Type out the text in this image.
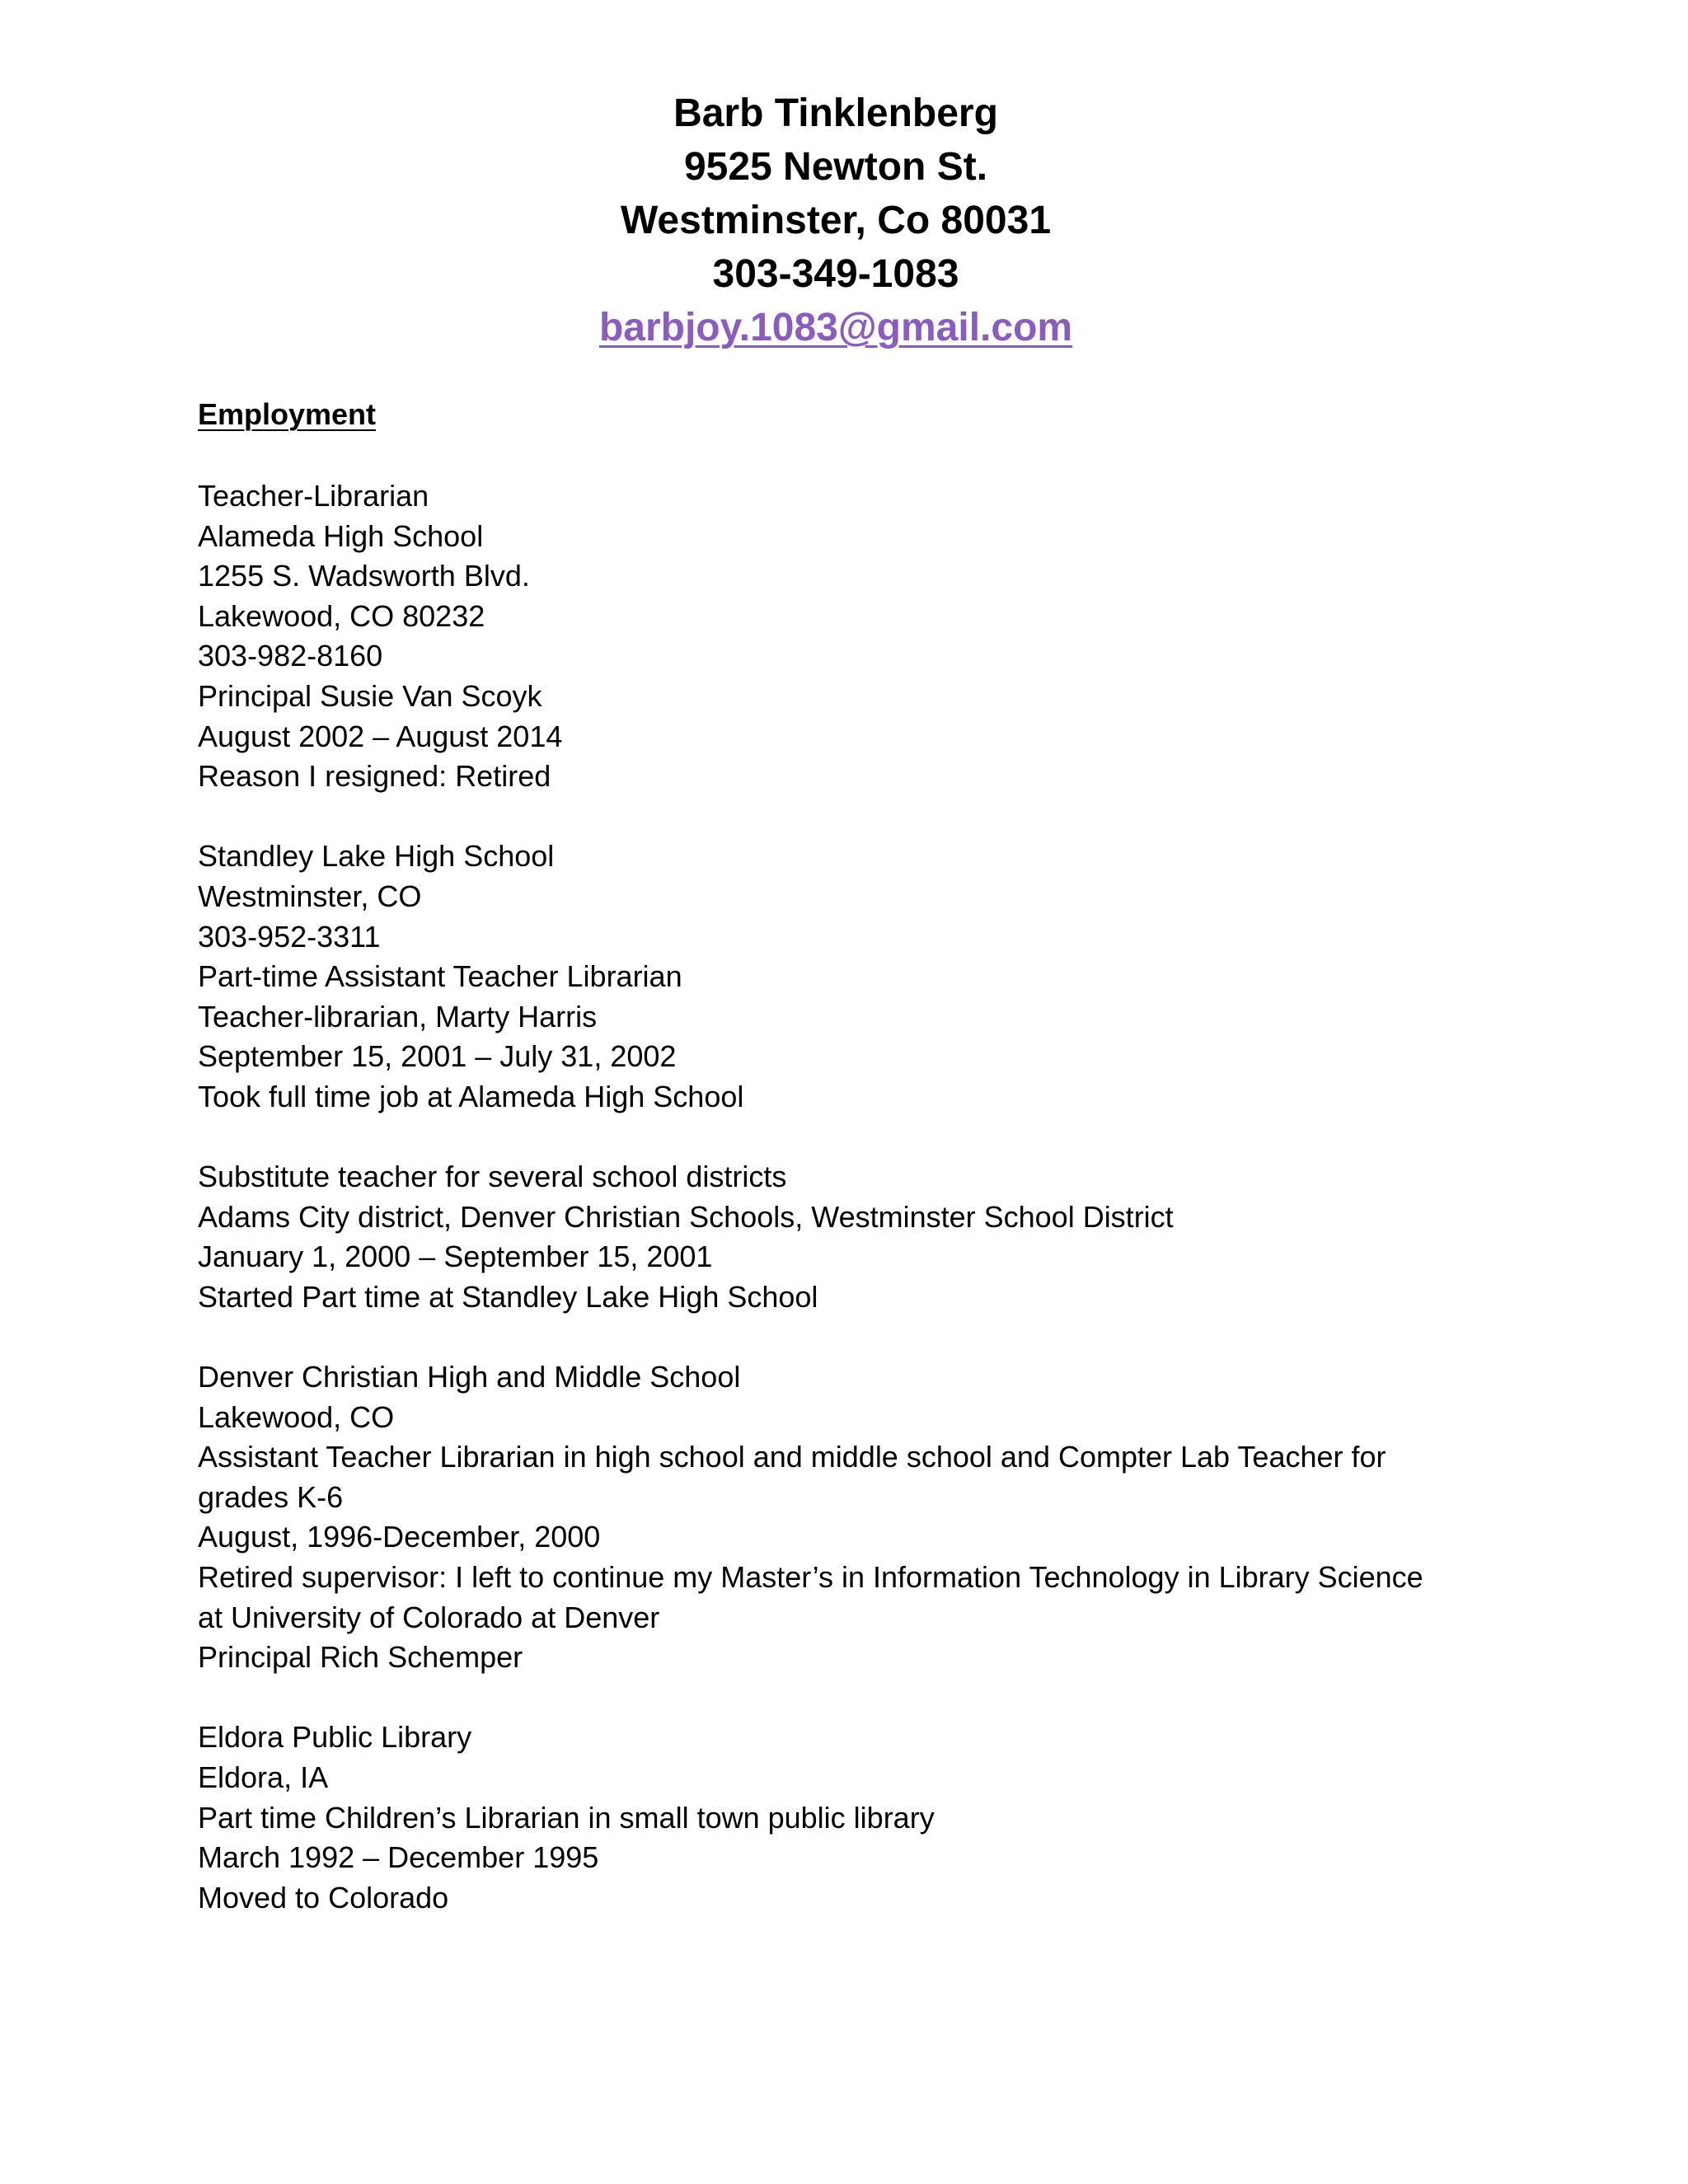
Barb Tinklenberg
9525 Newton St.
Westminster, Co 80031
303-349-1083
barbjoy.1083@gmail.com
Employment
Teacher-Librarian
Alameda High School
1255 S. Wadsworth Blvd.
Lakewood, CO 80232
303-982-8160
Principal Susie Van Scoyk
August 2002 – August 2014
Reason I resigned: Retired
Standley Lake High School
Westminster, CO
303-952-3311
Part-time Assistant Teacher Librarian
Teacher-librarian, Marty Harris
September 15, 2001 – July 31, 2002
Took full time job at Alameda High School
Substitute teacher for several school districts
Adams City district, Denver Christian Schools, Westminster School District
January 1, 2000 – September 15, 2001
Started Part time at Standley Lake High School
Denver Christian High and Middle School
Lakewood, CO
Assistant Teacher Librarian in high school and middle school and Compter Lab Teacher for
grades K-6
August, 1996-December, 2000
Retired supervisor: I left to continue my Master’s in Information Technology in Library Science
at University of Colorado at Denver
Principal Rich Schemper
Eldora Public Library
Eldora, IA
Part time Children’s Librarian in small town public library
March 1992 – December 1995
Moved to Colorado
